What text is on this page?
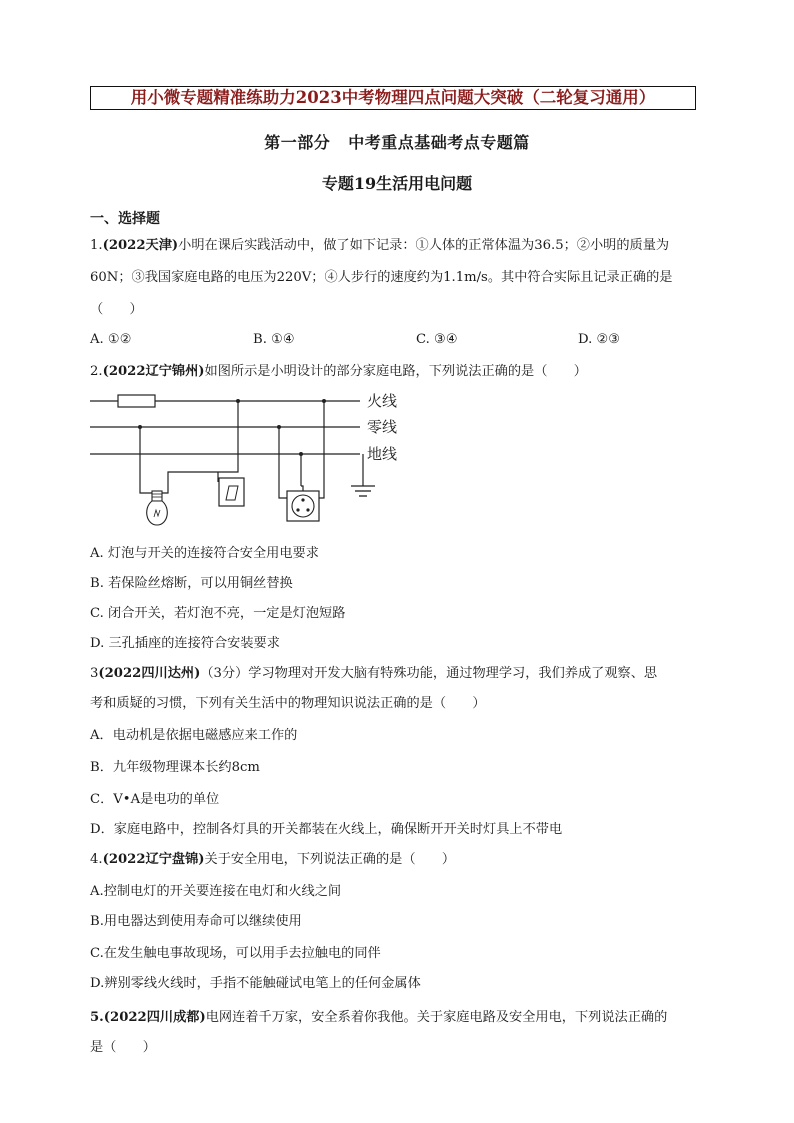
用小微专题精准练助力2023中考物理四点问题大突破（二轮复习通用）
第一部分 中考重点基础考点专题篇
专题19生活用电问题
一、选择题
1.(2022天津)小明在课后实践活动中，做了如下记录：①人体的正常体温为36.5；②小明的质量为
60N；③我国家庭电路的电压为220V；④人步行的速度约为1.1m/s。其中符合实际且记录正确的是
（　　）
A. ①②	B. ①④	C. ③④	D. ②③
2.(2022辽宁锦州)如图所示是小明设计的部分家庭电路，下列说法正确的是（　　）
火线
零线
地线
A. 灯泡与开关的连接符合安全用电要求
B. 若保险丝熔断，可以用铜丝替换
C. 闭合开关，若灯泡不亮，一定是灯泡短路
D. 三孔插座的连接符合安装要求
3(2022四川达州)（3分）学习物理对开发大脑有特殊功能，通过物理学习，我们养成了观察、思
考和质疑的习惯，下列有关生活中的物理知识说法正确的是（　　）
A．电动机是依据电磁感应来工作的
B．九年级物理课本长约8cm
C．V•A是电功的单位
D．家庭电路中，控制各灯具的开关都装在火线上，确保断开开关时灯具上不带电
4.(2022辽宁盘锦)关于安全用电，下列说法正确的是（　　）
A.控制电灯的开关要连接在电灯和火线之间
B.用电器达到使用寿命可以继续使用
C.在发生触电事故现场，可以用手去拉触电的同伴
D.辨别零线火线时，手指不能触碰试电笔上的任何金属体
5.(2022四川成都)电网连着千万家，安全系着你我他。关于家庭电路及安全用电，下列说法正确的
是（　　）
